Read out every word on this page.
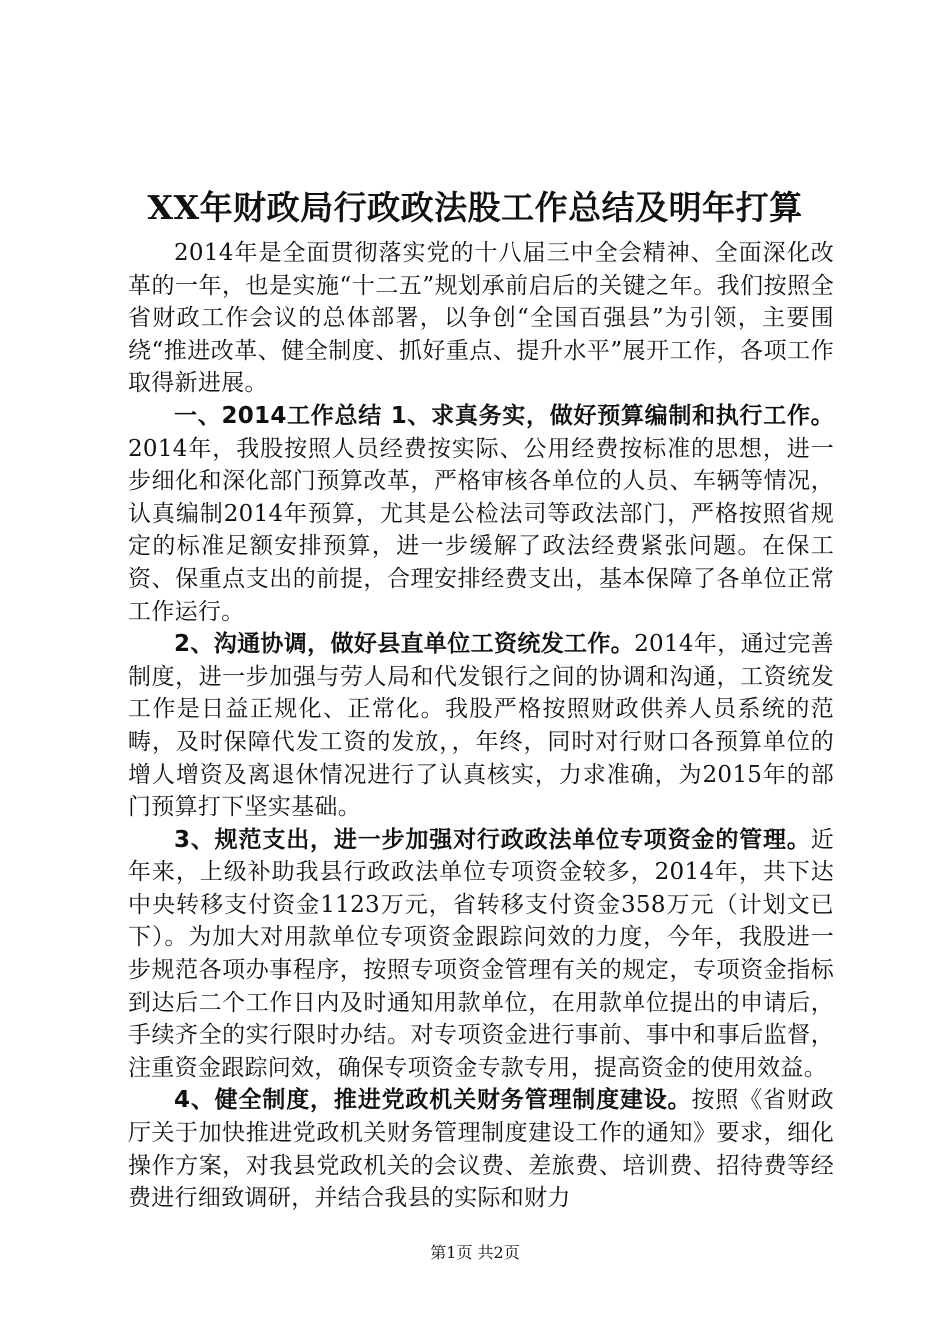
XX年财政局行政政法股工作总结及明年打算

2014年是全面贯彻落实党的十八届三中全会精神、全面深化改革的一年，也是实施“十二五”规划承前启后的关键之年。我们按照全省财政工作会议的总体部署，以争创“全国百强县”为引领，主要围绕“推进改革、健全制度、抓好重点、提升水平”展开工作，各项工作取得新进展。

一、2014工作总结 1、求真务实，做好预算编制和执行工作。2014年，我股按照人员经费按实际、公用经费按标准的思想，进一步细化和深化部门预算改革，严格审核各单位的人员、车辆等情况，认真编制2014年预算，尤其是公检法司等政法部门，严格按照省规定的标准足额安排预算，进一步缓解了政法经费紧张问题。在保工资、保重点支出的前提，合理安排经费支出，基本保障了各单位正常工作运行。

2、沟通协调，做好县直单位工资统发工作。2014年，通过完善制度，进一步加强与劳人局和代发银行之间的协调和沟通，工资统发工作是日益正规化、正常化。我股严格按照财政供养人员系统的范畴，及时保障代发工资的发放，，年终，同时对行财口各预算单位的增人增资及离退休情况进行了认真核实，力求准确，为2015年的部门预算打下坚实基础。

3、规范支出，进一步加强对行政政法单位专项资金的管理。近年来，上级补助我县行政政法单位专项资金较多，2014年，共下达中央转移支付资金1123万元，省转移支付资金358万元（计划文已下）。为加大对用款单位专项资金跟踪问效的力度，今年，我股进一步规范各项办事程序，按照专项资金管理有关的规定，专项资金指标到达后二个工作日内及时通知用款单位，在用款单位提出的申请后，手续齐全的实行限时办结。对专项资金进行事前、事中和事后监督，注重资金跟踪问效，确保专项资金专款专用，提高资金的使用效益。

4、健全制度，推进党政机关财务管理制度建设。按照《省财政厅关于加快推进党政机关财务管理制度建设工作的通知》要求，细化操作方案，对我县党政机关的会议费、差旅费、培训费、招待费等经费进行细致调研，并结合我县的实际和财力

第1页 共2页
